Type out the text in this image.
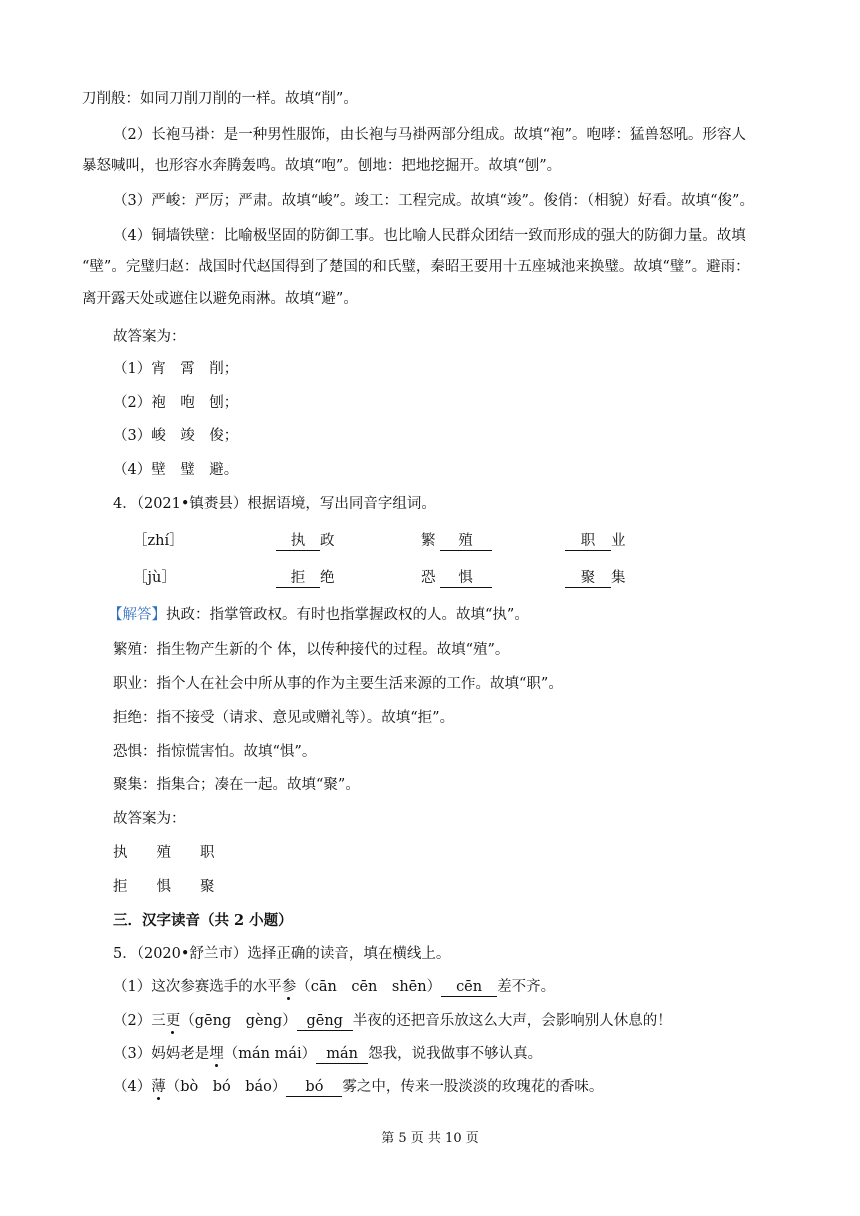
刀削般：如同刀削刀削的一样。故填“削”。
（2）长袍马褂：是一种男性服饰，由长袍与马褂两部分组成。故填“袍”。咆哮：猛兽怒吼。形容人
暴怒喊叫，也形容水奔腾轰鸣。故填“咆”。刨地：把地挖掘开。故填“刨”。
（3）严峻：严厉；严肃。故填“峻”。竣工：工程完成。故填“竣”。俊俏：（相貌）好看。故填“俊”。
（4）铜墙铁壁：比喻极坚固的防御工事。也比喻人民群众团结一致而形成的强大的防御力量。故填
“壁”。完璧归赵：战国时代赵国得到了楚国的和氏璧，秦昭王要用十五座城池来换璧。故填“璧”。避雨：
离开露天处或遮住以避免雨淋。故填“避”。
故答案为：
（1）宵　霄　削；
（2）袍　咆　刨；
（3）峻　竣　俊；
（4）壁　璧　避。
4．（2021•镇赉县）根据语境，写出同音字组词。
［zhí］	执 政	繁 殖	职 业
［jù］	拒 绝	恐 惧	聚 集
【解答】执政：指掌管政权。有时也指掌握政权的人。故填“执”。
繁殖：指生物产生新的个 体，以传种接代的过程。故填“殖”。
职业：指个人在社会中所从事的作为主要生活来源的工作。故填“职”。
拒绝：指不接受（请求、意见或赠礼等）。故填“拒”。
恐惧：指惊慌害怕。故填“惧”。
聚集：指集合；凑在一起。故填“聚”。
故答案为：
执　　殖　　职
拒　　惧　　聚
三．汉字读音（共 2 小题）
5．（2020•舒兰市）选择正确的读音，填在横线上。
（1）这次参赛选手的水平参（cān　cēn　shēn） cēn 差不齐。
（2）三更（gēng　gèng） gēng 半夜的还把音乐放这么大声，会影响别人休息的！
（3）妈妈老是埋（mán mái） mán 怨我，说我做事不够认真。
（4）薄（bò　bó　báo） bó 雾之中，传来一股淡淡的玫瑰花的香味。
第 5 页 共 10 页
